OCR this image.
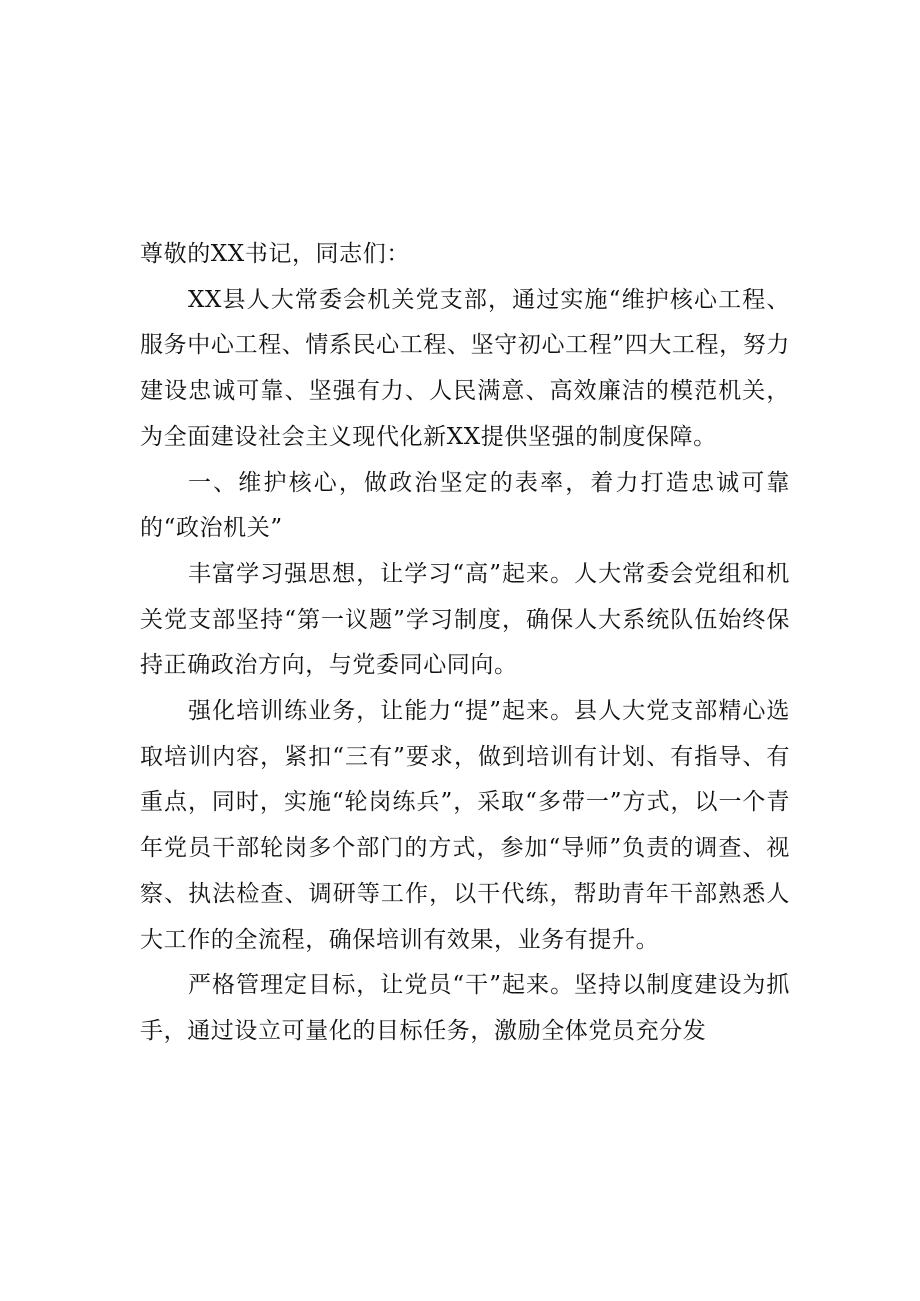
尊敬的XX书记，同志们：

XX县人大常委会机关党支部，通过实施“维护核心工程、服务中心工程、情系民心工程、坚守初心工程”四大工程，努力建设忠诚可靠、坚强有力、人民满意、高效廉洁的模范机关，为全面建设社会主义现代化新XX提供坚强的制度保障。

一、维护核心，做政治坚定的表率，着力打造忠诚可靠的“政治机关”

丰富学习强思想，让学习“高”起来。人大常委会党组和机关党支部坚持“第一议题”学习制度，确保人大系统队伍始终保持正确政治方向，与党委同心同向。

强化培训练业务，让能力“提”起来。县人大党支部精心选取培训内容，紧扣“三有”要求，做到培训有计划、有指导、有重点，同时，实施“轮岗练兵”，采取“多带一”方式，以一个青年党员干部轮岗多个部门的方式，参加“导师”负责的调查、视察、执法检查、调研等工作，以干代练，帮助青年干部熟悉人大工作的全流程，确保培训有效果，业务有提升。

严格管理定目标，让党员“干”起来。坚持以制度建设为抓手，通过设立可量化的目标任务，激励全体党员充分发
